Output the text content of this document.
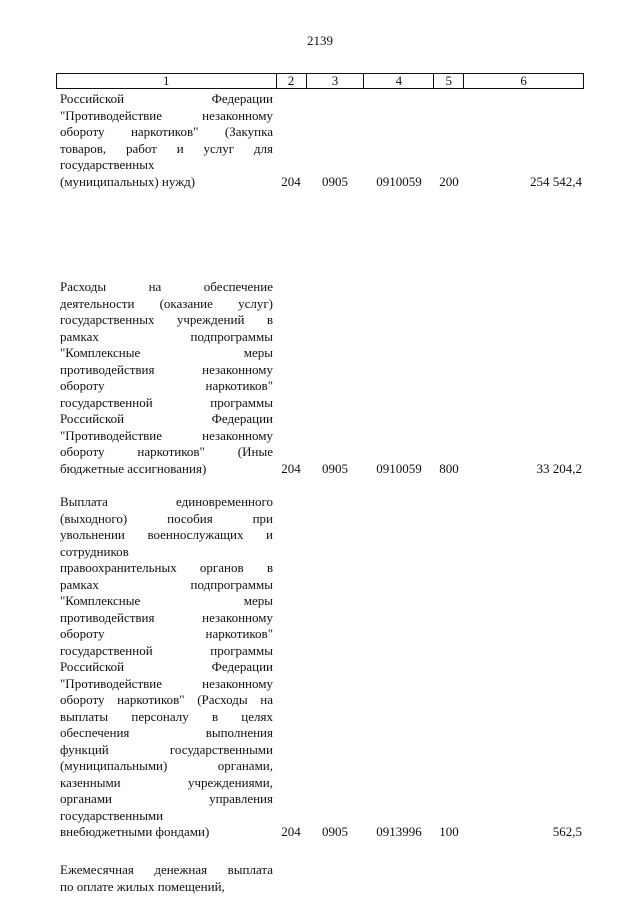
2139
1	2	3	4	5	6
Российской Федерации
"Противодействие незаконному
обороту наркотиков" (Закупка
товаров, работ и услуг для
государственных
(муниципальных) нужд)	204	0905	0910059	200	254 542,4
Расходы на обеспечение
деятельности (оказание услуг)
государственных учреждений в
рамках подпрограммы
"Комплексные меры
противодействия незаконному
обороту наркотиков"
государственной программы
Российской Федерации
"Противодействие незаконному
обороту наркотиков" (Иные
бюджетные ассигнования)	204	0905	0910059	800	33 204,2
Выплата единовременного
(выходного) пособия при
увольнении военнослужащих и
сотрудников
правоохранительных органов в
рамках подпрограммы
"Комплексные меры
противодействия незаконному
обороту наркотиков"
государственной программы
Российской Федерации
"Противодействие незаконному
обороту наркотиков" (Расходы на
выплаты персоналу в целях
обеспечения выполнения
функций государственными
(муниципальными) органами,
казенными учреждениями,
органами управления
государственными
внебюджетными фондами)	204	0905	0913996	100	562,5
Ежемесячная денежная выплата
по оплате жилых помещений,
